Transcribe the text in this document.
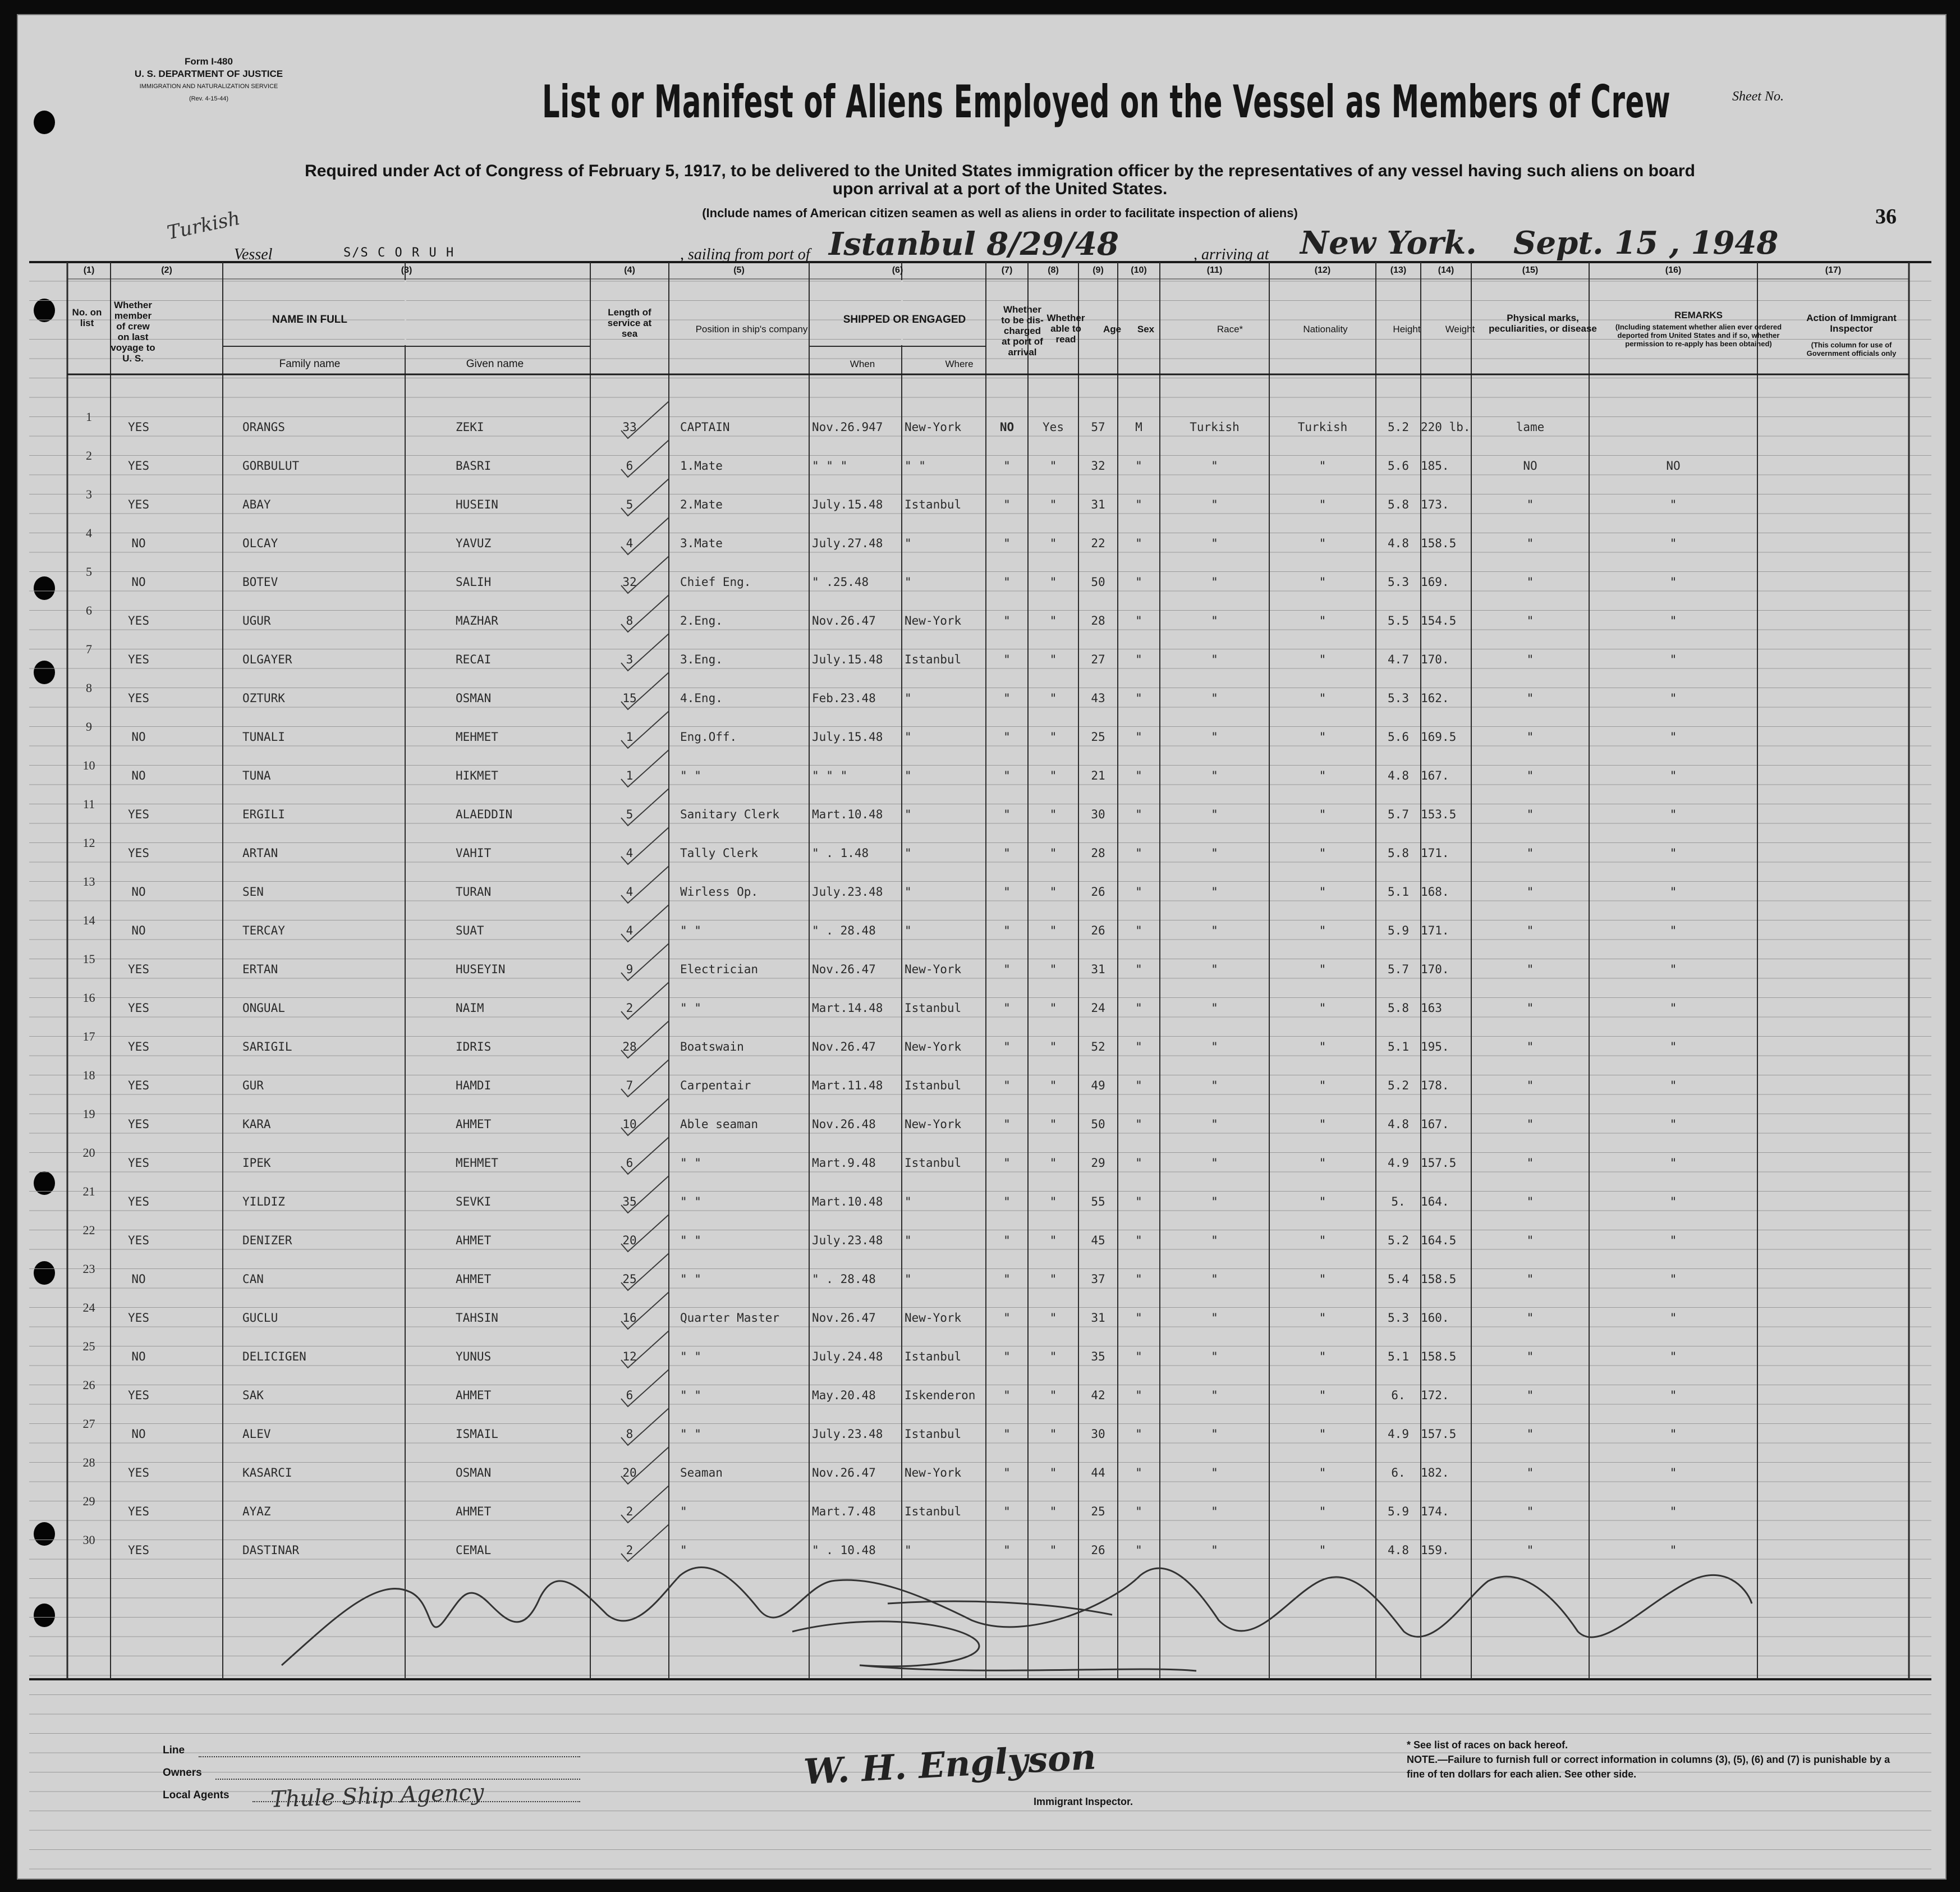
Form I-480
U. S. DEPARTMENT OF JUSTICE
IMMIGRATION AND NATURALIZATION SERVICE
(Rev. 4-15-44)	List or Manifest of Aliens Employed on the Vessel as Members of Crew	Sheet No.
Required under Act of Congress of February 5, 1917, to be delivered to the United States immigration officer by the representatives of any vessel having such aliens on board
upon arrival at a port of the United States.
(Include names of American citizen seamen as well as aliens in order to facilitate inspection of aliens)	36
Turkish
Vessel	S/S C O R U H	, sailing from port of Istanbul 8/29/48	, arriving at New York. Sept. 15 , 1948
No. on list
Whether member of crew on last voyage to U. S.
NAME IN FULL
Family name	Given name
Length of service at sea	Position in ship's company
SHIPPED OR ENGAGED
When	Where
Whether to be dis-charged at port of arrival
Whether able to read
Age	Sex	Race*	Nationality	Height	Weight
Physical marks, peculiarities, or disease
REMARKS
(Including statement whether alien ever ordered deported from United States and if so, whether permission to re-apply has been obtained)
Action of Immigrant Inspector
(This column for use of Government officials only
(1)	(2)	(3)	(4)	(5)	(6)	(7)	(8)	(9)	(10)	(11)	(12)	(13)	(14)	(15)	(16)	(17)
1
YES	ORANGS	ZEKI	33	CAPTAIN	Nov.26.947	New-York	NO	Yes	57	M	Turkish	Turkish	5.2	220 lb.	lame
2
YES	GORBULUT	BASRI	6	1.Mate	" " "	" "	"	"	32	"	"	"	5.6	185.	NO	NO
3
YES	ABAY	HUSEIN	5	2.Mate	July.15.48	Istanbul	"	"	31	"	"	"	5.8	173.	"	"
4
NO	OLCAY	YAVUZ	4	3.Mate	July.27.48	"	"	"	22	"	"	"	4.8	158.5	"	"
5
NO	BOTEV	SALIH	32	Chief Eng.	" .25.48	"	"	"	50	"	"	"	5.3	169.	"	"
6
YES	UGUR	MAZHAR	8	2.Eng.	Nov.26.47	New-York	"	"	28	"	"	"	5.5	154.5	"	"
7
YES	OLGAYER	RECAI	3	3.Eng.	July.15.48	Istanbul	"	"	27	"	"	"	4.7	170.	"	"
8
YES	OZTURK	OSMAN	15	4.Eng.	Feb.23.48	"	"	"	43	"	"	"	5.3	162.	"	"
9
NO	TUNALI	MEHMET	1	Eng.Off.	July.15.48	"	"	"	25	"	"	"	5.6	169.5	"	"
10
NO	TUNA	HIKMET	1	" "	" " "	"	"	"	21	"	"	"	4.8	167.	"	"
11
YES	ERGILI	ALAEDDIN	5	Sanitary Clerk	Mart.10.48	"	"	"	30	"	"	"	5.7	153.5	"	"
12
YES	ARTAN	VAHIT	4	Tally Clerk	" . 1.48	"	"	"	28	"	"	"	5.8	171.	"	"
13
NO	SEN	TURAN	4	Wirless Op.	July.23.48	"	"	"	26	"	"	"	5.1	168.	"	"
14
NO	TERCAY	SUAT	4	" "	" . 28.48	"	"	"	26	"	"	"	5.9	171.	"	"
15
YES	ERTAN	HUSEYIN	9	Electrician	Nov.26.47	New-York	"	"	31	"	"	"	5.7	170.	"	"
16
YES	ONGUAL	NAIM	2	" "	Mart.14.48	Istanbul	"	"	24	"	"	"	5.8	163	"	"
17
YES	SARIGIL	IDRIS	28	Boatswain	Nov.26.47	New-York	"	"	52	"	"	"	5.1	195.	"	"
18
YES	GUR	HAMDI	7	Carpentair	Mart.11.48	Istanbul	"	"	49	"	"	"	5.2	178.	"	"
19
YES	KARA	AHMET	10	Able seaman	Nov.26.48	New-York	"	"	50	"	"	"	4.8	167.	"	"
20
YES	IPEK	MEHMET	6	" "	Mart.9.48	Istanbul	"	"	29	"	"	"	4.9	157.5	"	"
21
YES	YILDIZ	SEVKI	35	" "	Mart.10.48	"	"	"	55	"	"	"	5.	164.	"	"
22
YES	DENIZER	AHMET	20	" "	July.23.48	"	"	"	45	"	"	"	5.2	164.5	"	"
23
NO	CAN	AHMET	25	" "	" . 28.48	"	"	"	37	"	"	"	5.4	158.5	"	"
24
YES	GUCLU	TAHSIN	16	Quarter Master	Nov.26.47	New-York	"	"	31	"	"	"	5.3	160.	"	"
25
NO	DELICIGEN	YUNUS	12	" "	July.24.48	Istanbul	"	"	35	"	"	"	5.1	158.5	"	"
26
YES	SAK	AHMET	6	" "	May.20.48	Iskenderon	"	"	42	"	"	"	6.	172.	"	"
27
NO	ALEV	ISMAIL	8	" "	July.23.48	Istanbul	"	"	30	"	"	"	4.9	157.5	"	"
28
YES	KASARCI	OSMAN	20	Seaman	Nov.26.47	New-York	"	"	44	"	"	"	6.	182.	"	"
29
YES	AYAZ	AHMET	2	"	Mart.7.48	Istanbul	"	"	25	"	"	"	5.9	174.	"	"
30
YES	DASTINAR	CEMAL	2	"	" . 10.48	"	"	"	26	"	"	"	4.8	159.	"	"
Line
Owners
Local Agents Thule Ship Agency
W. H. Englyson
Immigrant Inspector.
* See list of races on back hereof.
NOTE.—Failure to furnish full or correct information in columns (3), (5), (6) and (7) is punishable by a fine of ten dollars for each alien. See other side.
